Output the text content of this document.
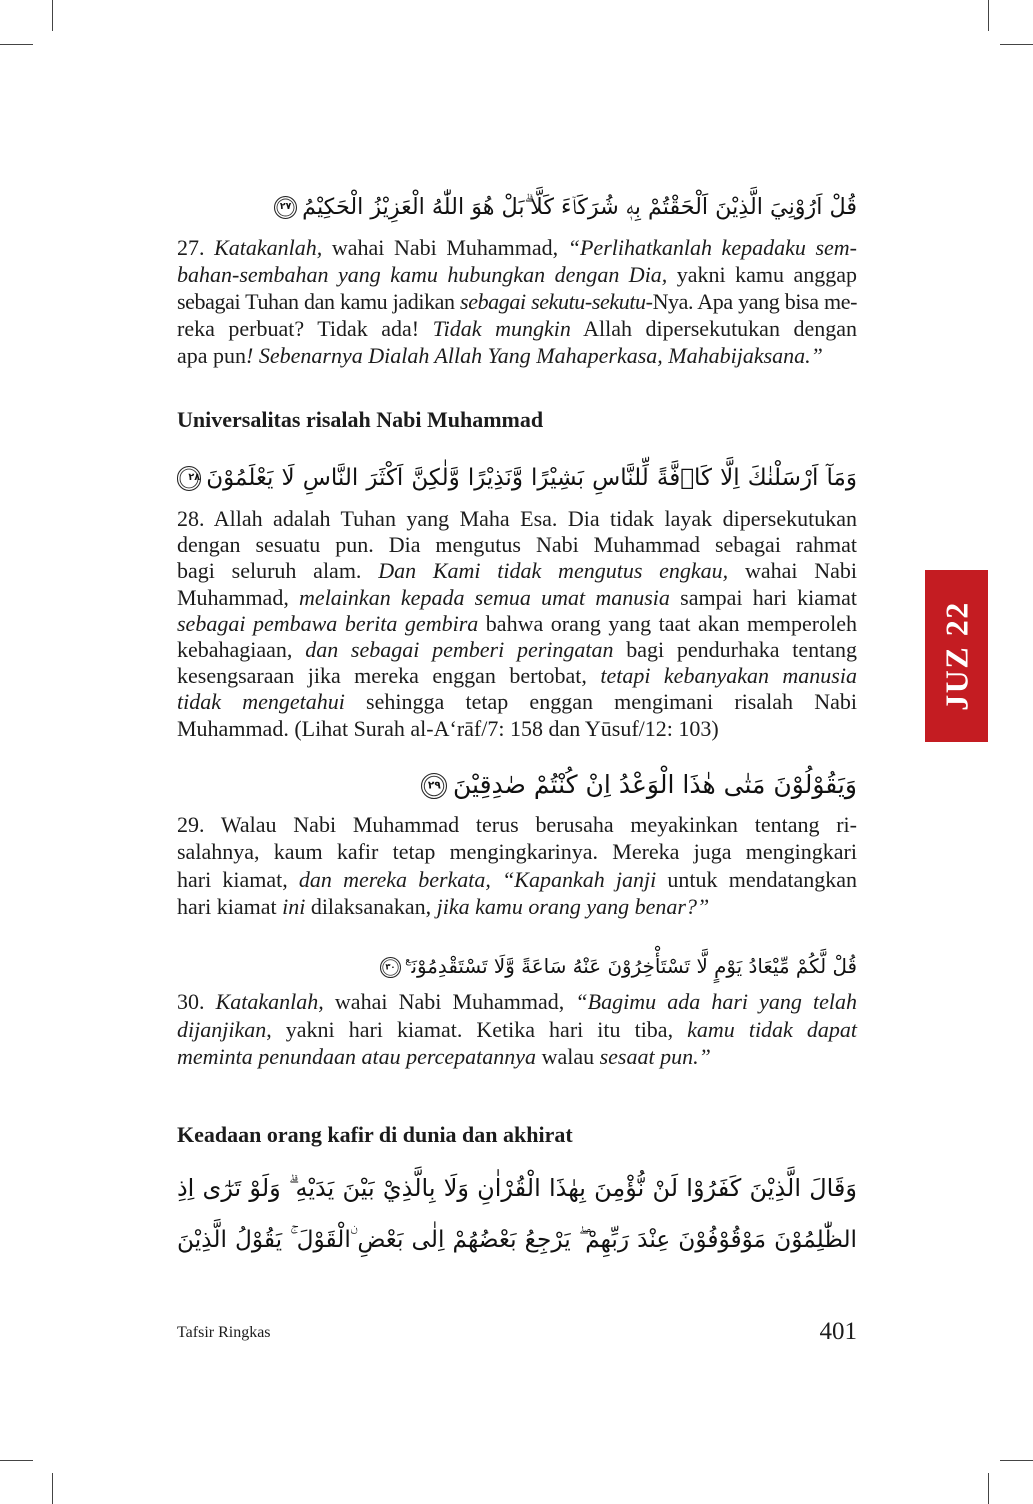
قُلْ اَرُوْنِيَ الَّذِيْنَ اَلْحَقْتُمْ بِهٖ شُرَكَاۤءَ كَلَّا ۗبَلْ هُوَ اللّٰهُ الْعَزِيْزُ الْحَكِيْمُ
٢٧
27. Katakanlah, wahai Nabi Muhammad, “Perlihatkanlah kepadaku sem-
bahan-sembahan yang kamu hubungkan dengan Dia, yakni kamu anggap
sebagai Tuhan dan kamu jadikan sebagai sekutu-sekutu-Nya. Apa yang bisa me-
reka perbuat? Tidak ada! Tidak mungkin Allah dipersekutukan dengan
apa pun! Sebenarnya Dialah Allah Yang Mahaperkasa, Mahabijaksana.”
Universalitas risalah Nabi Muhammad
وَمَآ اَرْسَلْنٰكَ اِلَّا كَاۤفَّةً لِّلنَّاسِ بَشِيْرًا وَّنَذِيْرًا وَّلٰكِنَّ اَكْثَرَ النَّاسِ لَا يَعْلَمُوْنَ
٢٨
28. Allah adalah Tuhan yang Maha Esa. Dia tidak layak dipersekutukan
dengan sesuatu pun. Dia mengutus Nabi Muhammad sebagai rahmat
bagi seluruh alam. Dan Kami tidak mengutus engkau, wahai Nabi
Muhammad, melainkan kepada semua umat manusia sampai hari kiamat
sebagai pembawa berita gembira bahwa orang yang taat akan memperoleh
kebahagiaan, dan sebagai pemberi peringatan bagi pendurhaka tentang
kesengsaraan jika mereka enggan bertobat, tetapi kebanyakan manusia
tidak mengetahui sehingga tetap enggan mengimani risalah Nabi
Muhammad. (Lihat Surah al-A‘rāf/7: 158 dan Yūsuf/12: 103)
وَيَقُوْلُوْنَ مَتٰى هٰذَا الْوَعْدُ اِنْ كُنْتُمْ صٰدِقِيْنَ
٢٩
29. Walau Nabi Muhammad terus berusaha meyakinkan tentang ri-
salahnya, kaum kafir tetap mengingkarinya. Mereka juga mengingkari
hari kiamat, dan mereka berkata, “Kapankah janji untuk mendatangkan
hari kiamat ini dilaksanakan, jika kamu orang yang benar?”
قُلْ لَّكُمْ مِّيْعَادُ يَوْمٍ لَّا تَسْتَأْخِرُوْنَ عَنْهُ سَاعَةً وَّلَا تَسْتَقْدِمُوْنَ$^ع$
٣٠
30. Katakanlah, wahai Nabi Muhammad, “Bagimu ada hari yang telah
dijanjikan, yakni hari kiamat. Ketika hari itu tiba, kamu tidak dapat
meminta penundaan atau percepatannya walau sesaat pun.”
Keadaan orang kafir di dunia dan akhirat
وَقَالَ الَّذِيْنَ كَفَرُوْا لَنْ نُّؤْمِنَ بِهٰذَا الْقُرْاٰنِ وَلَا بِالَّذِيْ بَيْنَ يَدَيْهِ ۗ وَلَوْ تَرٰٓى اِذِ
الظّٰلِمُوْنَ مَوْقُوْفُوْنَ عِنْدَ رَبِّهِمْ ۖ يَرْجِعُ بَعْضُهُمْ اِلٰى بَعْضِ ۨالْقَوْلَ ۚ يَقُوْلُ الَّذِيْنَ
Tafsir Ringkas	401
JUZ 22
